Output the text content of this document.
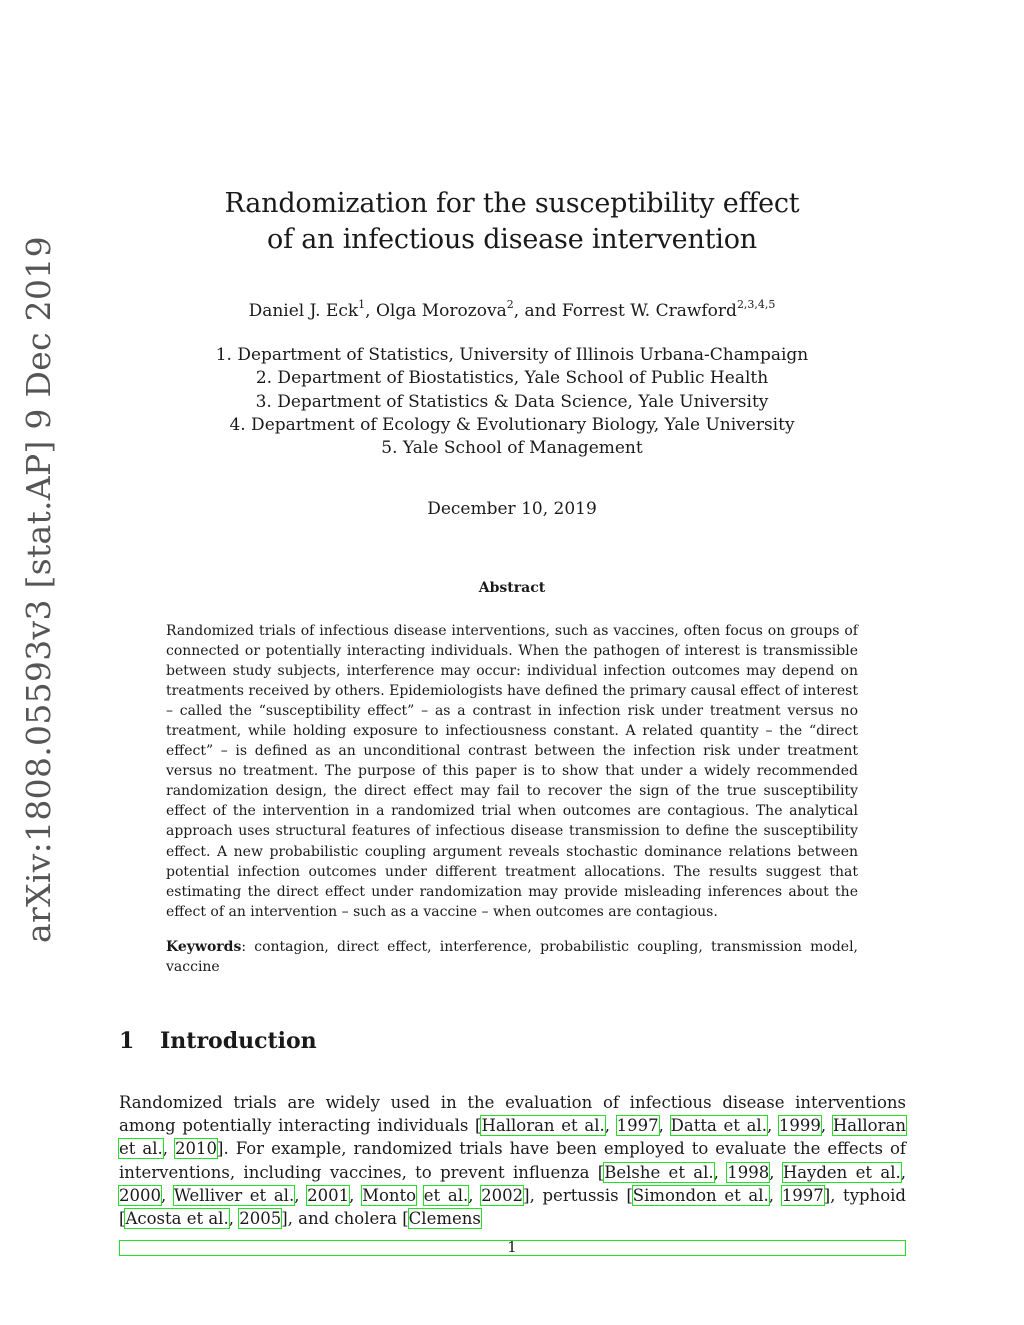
Randomization for the susceptibility effect
of an infectious disease intervention
Daniel J. Eck$^1$, Olga Morozova$^2$, and Forrest W. Crawford$^{2,3,4,5}$
1. Department of Statistics, University of Illinois Urbana-Champaign
2. Department of Biostatistics, Yale School of Public Health
3. Department of Statistics & Data Science, Yale University
4. Department of Ecology & Evolutionary Biology, Yale University
5. Yale School of Management
December 10, 2019
Abstract
Randomized trials of infectious disease interventions, such as vaccines, often focus on groups of connected or potentially interacting individuals. When the pathogen of interest is transmissible between study subjects, interference may occur: individual infection outcomes may depend on treatments received by others. Epidemiologists have defined the primary causal effect of interest – called the “susceptibility effect” – as a contrast in infection risk under treatment versus no treatment, while holding exposure to infectiousness constant. A related quantity – the “direct effect” – is defined as an unconditional contrast between the infection risk under treatment versus no treatment. The purpose of this paper is to show that under a widely recommended randomization design, the direct effect may fail to recover the sign of the true susceptibility effect of the intervention in a randomized trial when outcomes are contagious. The analytical approach uses structural features of infectious disease transmission to define the susceptibility effect. A new probabilistic coupling argument reveals stochastic dominance relations between potential infection outcomes under different treatment allocations. The results suggest that estimating the direct effect under randomization may provide misleading inferences about the effect of an intervention – such as a vaccine – when outcomes are contagious.
Keywords: contagion, direct effect, interference, probabilistic coupling, transmission model, vaccine
1 Introduction
Randomized trials are widely used in the evaluation of infectious disease interventions among potentially interacting individuals [Halloran et al., 1997, Datta et al., 1999, Halloran et al., 2010]. For example, randomized trials have been employed to evaluate the effects of interventions, including vaccines, to prevent influenza [Belshe et al., 1998, Hayden et al., 2000, Welliver et al., 2001, Monto et al., 2002], pertussis [Simondon et al., 1997], typhoid [Acosta et al., 2005], and cholera [Clemens
1
arXiv:1808.05593v3 [stat.AP] 9 Dec 2019
